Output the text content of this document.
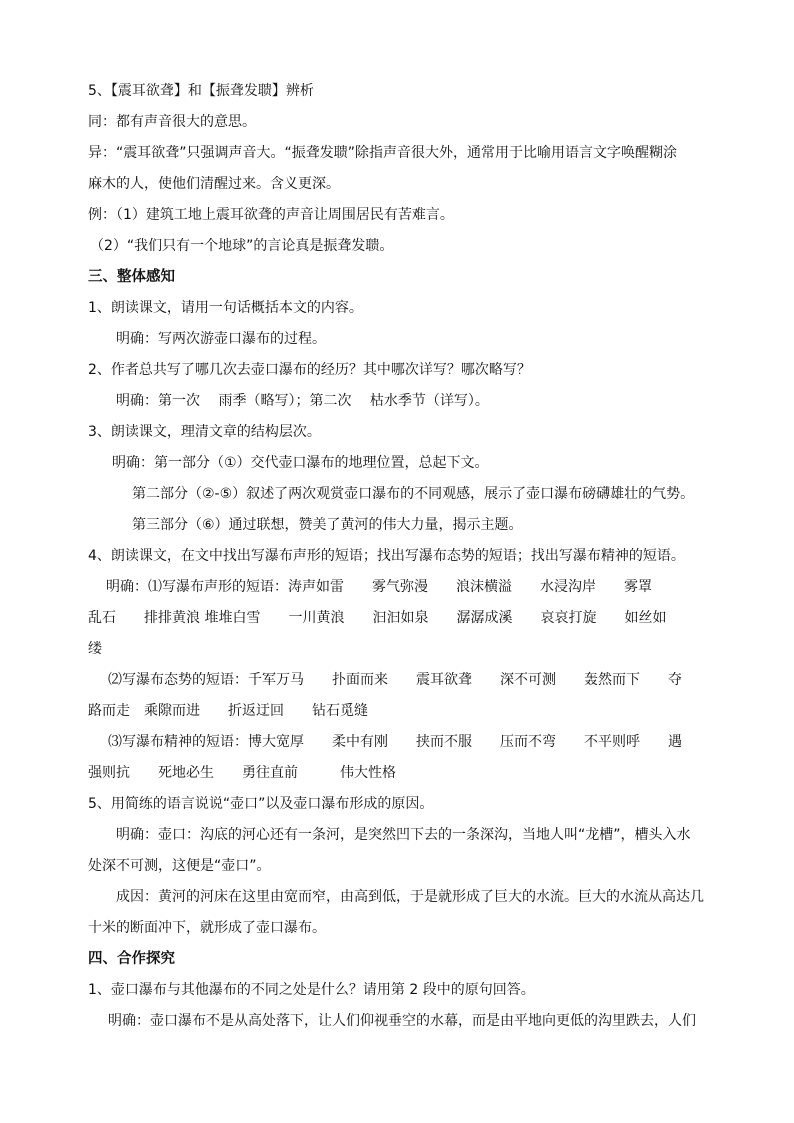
5、【震耳欲聋】和【振聋发聩】辨析
同：都有声音很大的意思。
异：“震耳欲聋”只强调声音大。“振聋发聩”除指声音很大外，通常用于比喻用语言文字唤醒糊涂
麻木的人，使他们清醒过来。含义更深。
例：（1）建筑工地上震耳欲聋的声音让周围居民有苦难言。
（2）“我们只有一个地球”的言论真是振聋发聩。
三、整体感知
1、朗读课文，请用一句话概括本文的内容。
明确：写两次游壶口瀑布的过程。
2、作者总共写了哪几次去壶口瀑布的经历？其中哪次详写？哪次略写？
明确：第一次　 雨季（略写）；第二次　 枯水季节（详写）。
3、朗读课文，理清文章的结构层次。
明确：第一部分（①）交代壶口瀑布的地理位置，总起下文。
第二部分（②-⑤）叙述了两次观赏壶口瀑布的不同观感，展示了壶口瀑布磅礴雄壮的气势。
第三部分（⑥）通过联想，赞美了黄河的伟大力量，揭示主题。
4、朗读课文，在文中找出写瀑布声形的短语；找出写瀑布态势的短语；找出写瀑布精神的短语。
明确：⑴写瀑布声形的短语：涛声如雷　　雾气弥漫　　浪沫横溢　　水浸沟岸　　雾罩
乱石　　排排黄浪 堆堆白雪　　一川黄浪　　汩汩如泉　　潺潺成溪　　哀哀打旋　　如丝如
缕
⑵写瀑布态势的短语：千军万马　　扑面而来　　震耳欲聋　　深不可测　　轰然而下　　夺
路而走　乘隙而进　　折返迂回　　钻石觅缝
⑶写瀑布精神的短语：博大宽厚　　柔中有刚　　挟而不服　　压而不弯　　不平则呼　　遇
强则抗　　死地必生　　勇往直前　　　伟大性格
5、用简练的语言说说“壶口”以及壶口瀑布形成的原因。
明确：壶口：沟底的河心还有一条河，是突然凹下去的一条深沟，当地人叫“龙槽”，槽头入水
处深不可测，这便是“壶口”。
成因：黄河的河床在这里由宽而窄，由高到低，于是就形成了巨大的水流。巨大的水流从高达几
十米的断面冲下，就形成了壶口瀑布。
四、合作探究
1、壶口瀑布与其他瀑布的不同之处是什么？请用第 2 段中的原句回答。
明确：壶口瀑布不是从高处落下，让人们仰视垂空的水幕，而是由平地向更低的沟里跌去，人们
